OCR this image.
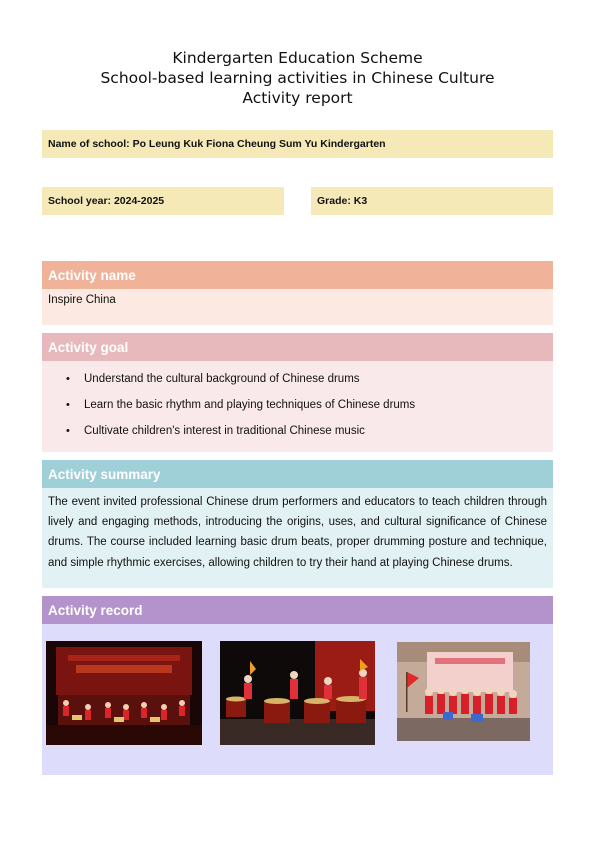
Kindergarten Education Scheme
School-based learning activities in Chinese Culture
Activity report
Name of school: Po Leung Kuk Fiona Cheung Sum Yu Kindergarten
School year: 2024-2025	Grade: K3
Activity name
Inspire China
Activity goal
• Understand the cultural background of Chinese drums
• Learn the basic rhythm and playing techniques of Chinese drums
• Cultivate children's interest in traditional Chinese music
Activity summary

The event invited professional Chinese drum performers and educators to teach children through lively and engaging methods, introducing the origins, uses, and cultural significance of Chinese drums. The course included learning basic drum beats, proper drumming posture and technique, and simple rhythmic exercises, allowing children to try their hand at playing Chinese drums.

Activity record
